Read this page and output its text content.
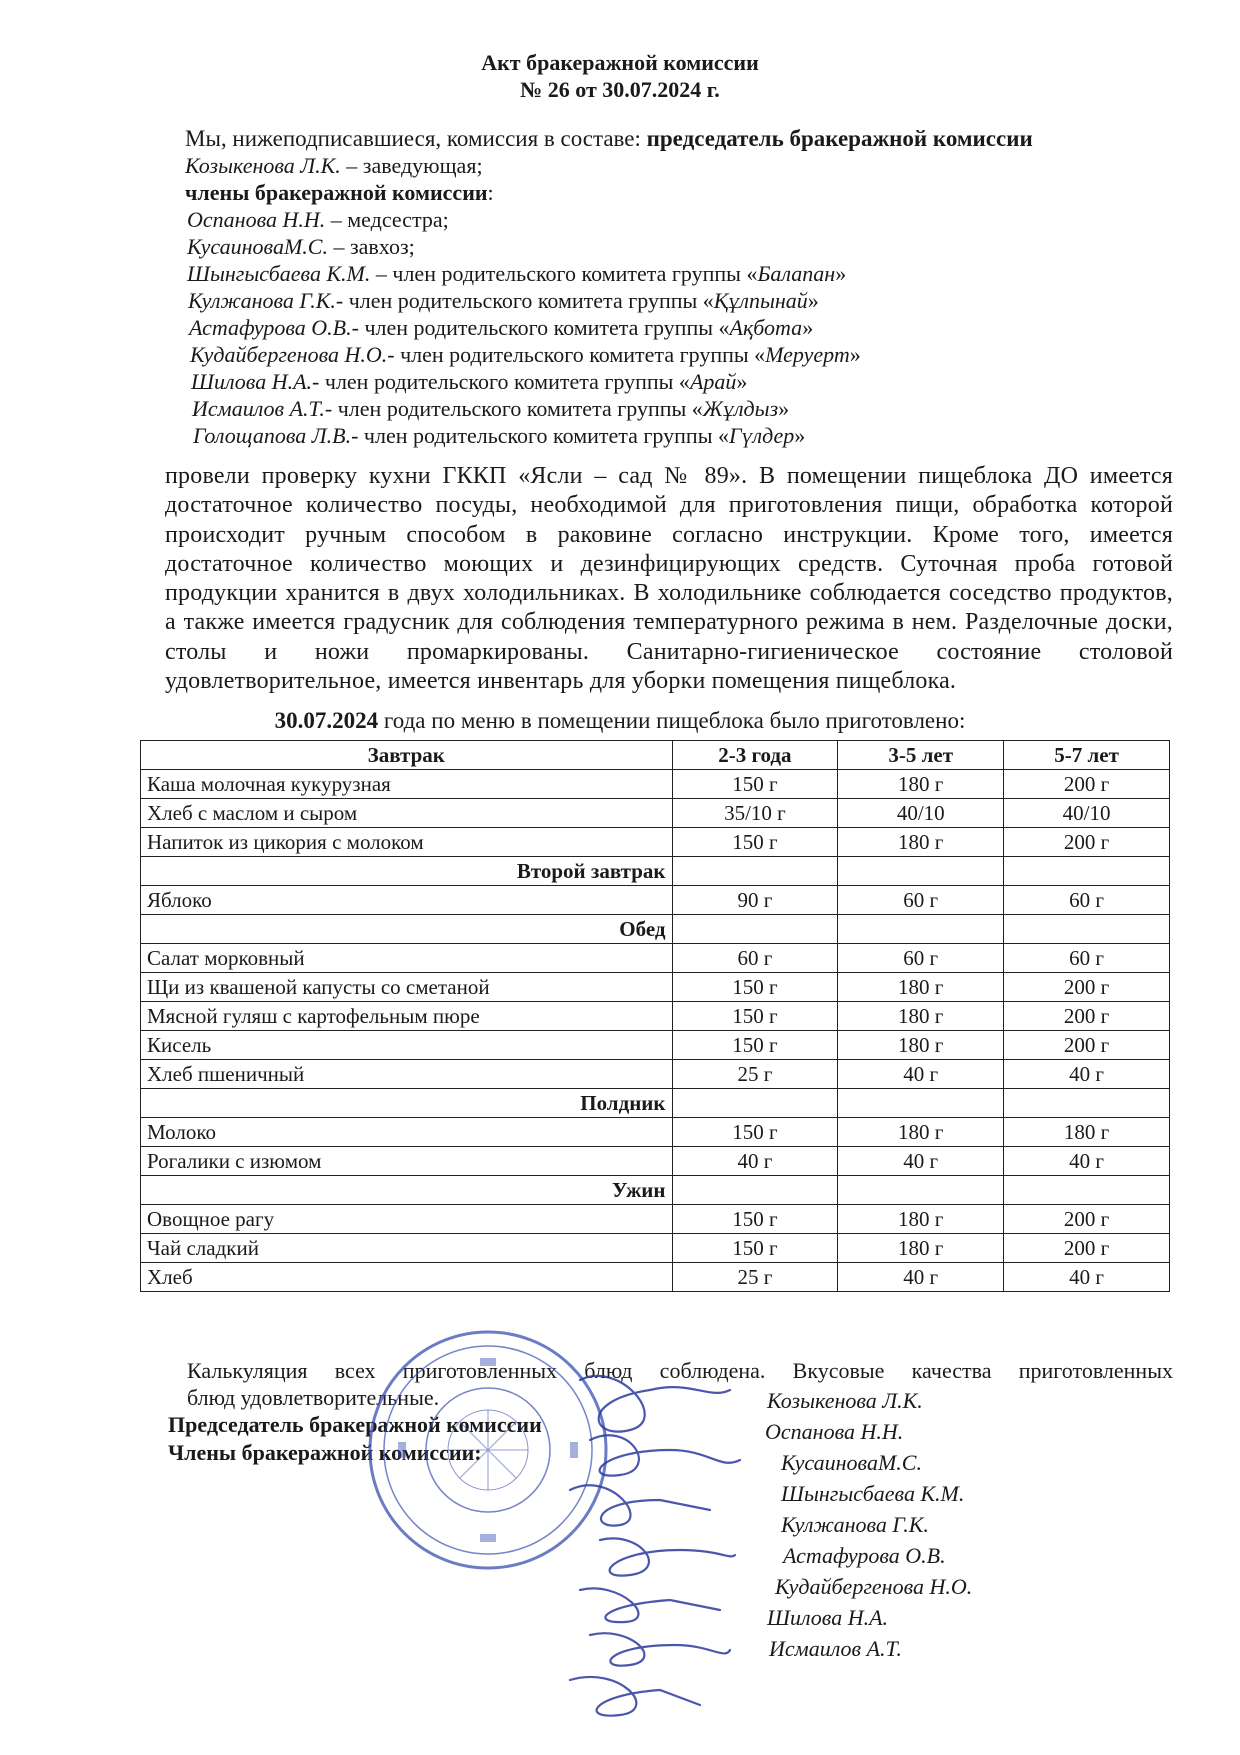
Акт бракеражной комиссии
№ 26 от 30.07.2024 г.
Мы, нижеподписавшиеся, комиссия в составе: председатель бракеражной комиссии
Козыкенова Л.К. – заведующая;
члены бракеражной комиссии:
Оспанова Н.Н. – медсестра;
КусаиноваМ.С. – завхоз;
Шынгысбаева К.М. – член родительского комитета группы «Балапан»
Кулжанова Г.К.- член родительского комитета группы «Құлпынай»
Астафурова О.В.- член родительского комитета группы «Ақбота»
Кудайбергенова Н.О.- член родительского комитета группы «Меруерт»
Шилова Н.А.- член родительского комитета группы «Арай»
Исмаилов А.Т.- член родительского комитета группы «Жұлдыз»
Голощапова Л.В.- член родительского комитета группы «Гүлдер»
провели проверку кухни ГККП «Ясли – сад № 89». В помещении пищеблока ДО имеется достаточное количество посуды, необходимой для приготовления пищи, обработка которой происходит ручным способом в раковине согласно инструкции. Кроме того, имеется достаточное количество моющих и дезинфицирующих средств. Суточная проба готовой продукции хранится в двух холодильниках. В холодильнике соблюдается соседство продуктов, а также имеется градусник для соблюдения температурного режима в нем. Разделочные доски, столы и ножи промаркированы. Санитарно-гигиеническое состояние столовой удовлетворительное, имеется инвентарь для уборки помещения пищеблока.
30.07.2024 года по меню в помещении пищеблока было приготовлено:
Завтрак	2-3 года	3-5 лет	5-7 лет
Каша молочная кукурузная	150 г	180 г	200 г
Хлеб с маслом и сыром	35/10 г	40/10	40/10
Напиток из цикория с молоком	150 г	180 г	200 г
Второй завтрак			
Яблоко	90 г	60 г	60 г
Обед			
Салат морковный	60 г	60 г	60 г
Щи из квашеной капусты со сметаной	150 г	180 г	200 г
Мясной гуляш с картофельным пюре	150 г	180 г	200 г
Кисель	150 г	180 г	200 г
Хлеб пшеничный	25 г	40 г	40 г
Полдник			
Молоко	150 г	180 г	180 г
Рогалики с изюмом	40 г	40 г	40 г
Ужин			
Овощное рагу	150 г	180 г	200 г
Чай сладкий	150 г	180 г	200 г
Хлеб	25 г	40 г	40 г
Калькуляция всех приготовленных блюд соблюдена. Вкусовые качества приготовленных
блюд удовлетворительные.
Председатель бракеражной комиссии
Члены бракеражной комиссии:
Козыкенова Л.К.
Оспанова Н.Н.
КусаиноваМ.С.
Шынгысбаева К.М.
Кулжанова Г.К.
Астафурова О.В.
Кудайбергенова Н.О.
Шилова Н.А.
Исмаилов А.Т.
